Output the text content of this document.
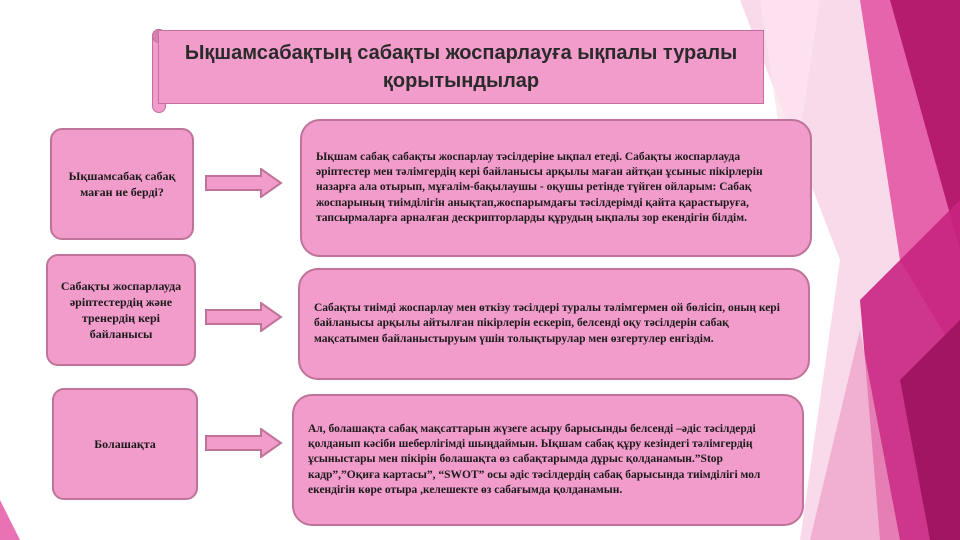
Ықшамсабақтың сабақты жоспарлауға ықпалы туралы қорытындылар
Ықшамсабақ сабақ маған не берді?
Ықшам сабақ сабақты жоспарлау тәсілдеріне ықпал етеді. Сабақты жоспарлауда әріптестер мен тәлімгердің кері байланысы арқылы маған айтқан ұсыныс пікірлерін назарға ала отырып, мұғалім-бақылаушы - оқушы ретінде түйген ойларым: Сабақ жоспарының тиімділігін анықтап,жоспарымдағы тәсілдерімді қайта қарастыруға, тапсырмаларға арналған дескрипторларды құрудың ықпалы зор екендігін білдім.
Сабақты жоспарлауда әріптестердің және тренердің кері байланысы
Сабақты тиімді жоспарлау мен өткізу тәсілдері туралы тәлімгермен ой бөлісіп, оның кері байланысы арқылы айтылған пікірлерін ескеріп, белсенді оқу тәсілдерін сабақ мақсатымен байланыстыруым үшін толықтырулар мен өзгертулер енгіздім.
Болашақта
Ал, болашақта сабақ мақсаттарын жүзеге асыру барысынды белсенді –әдіс тәсілдерді қолданып кәсіби шеберлігімді шыңдаймын. Ықшам сабақ құру кезіндегі тәлімгердің ұсыныстары мен пікірін болашақта өз сабақтарымда дұрыс қолданамын.”Stop кадр”,”Оқиға картасы”, “SWOT” осы әдіс тәсілдердің сабақ барысында тиімділігі мол екендігін көре отыра ,келешекте өз сабағымда қолданамын.
